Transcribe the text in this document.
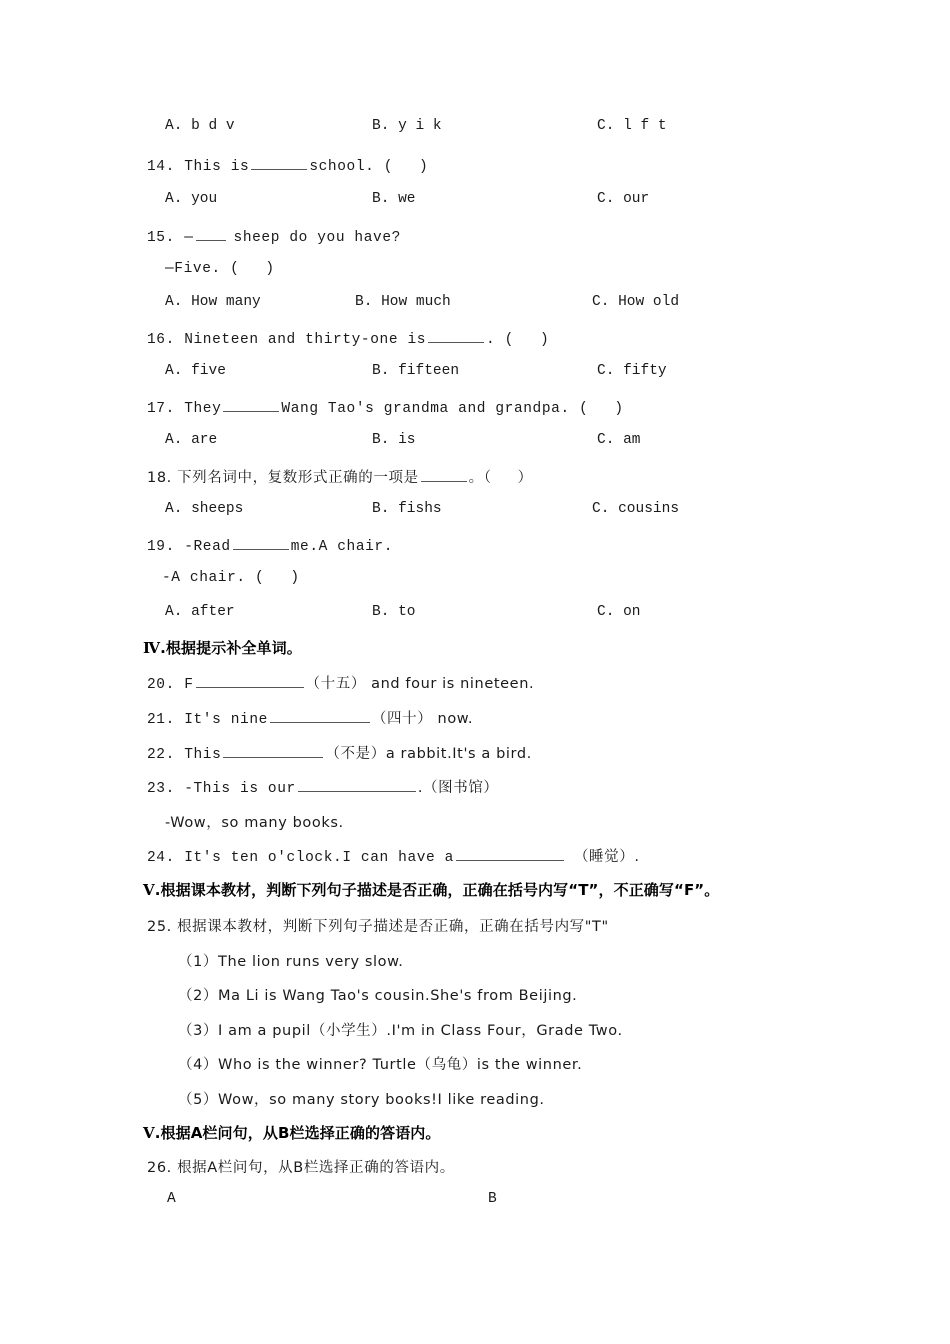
A. b d v	B. y i k	C. l f t
14. This is	school. ( )
A. you	B. we	C. our
15. —	sheep do you have?
—Five. ( )
A. How many	B. How much	C. How old
16. Nineteen and thirty-one is	. ( )
A. five	B. fifteen	C. fifty
17. They	Wang Tao's grandma and grandpa. ( )
A. are	B. is	C. am
18. 下列名词中，复数形式正确的一项是	。（ ）
A. sheeps	B. fishs	C. cousins
19. -Read	me.A chair.
-A chair. ( )
A. after	B. to	C. on
Ⅳ.根据提示补全单词。
20. F	（十五） and four is nineteen.
21. It's nine	（四十） now.
22. This	（不是）a rabbit.It's a bird.
23. -This is our	.（图书馆）
-Wow，so many books.
24. It's ten o'clock.I can have a	（睡觉）.
Ⅴ.根据课本教材，判断下列句子描述是否正确，正确在括号内写“T”，不正确写“F”。
25. 根据课本教材，判断下列句子描述是否正确，正确在括号内写"T"
（1）The lion runs very slow.
（2）Ma Li is Wang Tao's cousin.She's from Beijing.
（3）I am a pupil（小学生）.I'm in Class Four，Grade Two.
（4）Who is the winner? Turtle（乌龟）is the winner.
（5）Wow，so many story books!I like reading.
Ⅴ.根据A栏问句，从B栏选择正确的答语内。
26. 根据A栏问句，从B栏选择正确的答语内。
A	B
